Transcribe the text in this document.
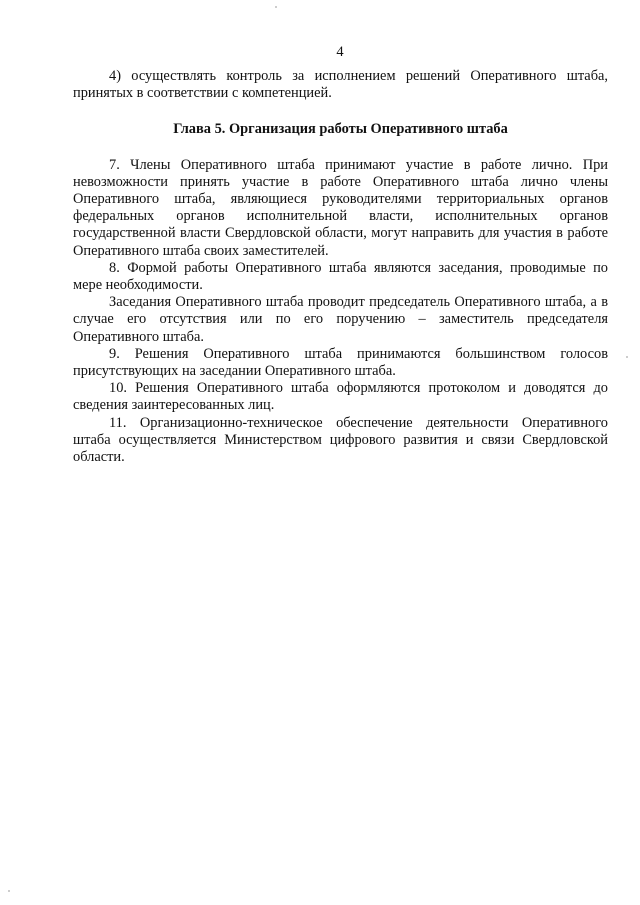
4

4) осуществлять контроль за исполнением решений Оперативного штаба, принятых в соответствии с компетенцией.

Глава 5. Организация работы Оперативного штаба

7. Члены Оперативного штаба принимают участие в работе лично. При невозможности принять участие в работе Оперативного штаба лично члены Оперативного штаба, являющиеся руководителями территориальных органов федеральных органов исполнительной власти, исполнительных органов государственной власти Свердловской области, могут направить для участия в работе Оперативного штаба своих заместителей.

8. Формой работы Оперативного штаба являются заседания, проводимые по мере необходимости.

Заседания Оперативного штаба проводит председатель Оперативного штаба, а в случае его отсутствия или по его поручению – заместитель председателя Оперативного штаба.

9. Решения Оперативного штаба принимаются большинством голосов присутствующих на заседании Оперативного штаба.

10. Решения Оперативного штаба оформляются протоколом и доводятся до сведения заинтересованных лиц.

11. Организационно-техническое обеспечение деятельности Оперативного штаба осуществляется Министерством цифрового развития и связи Свердловской области.
